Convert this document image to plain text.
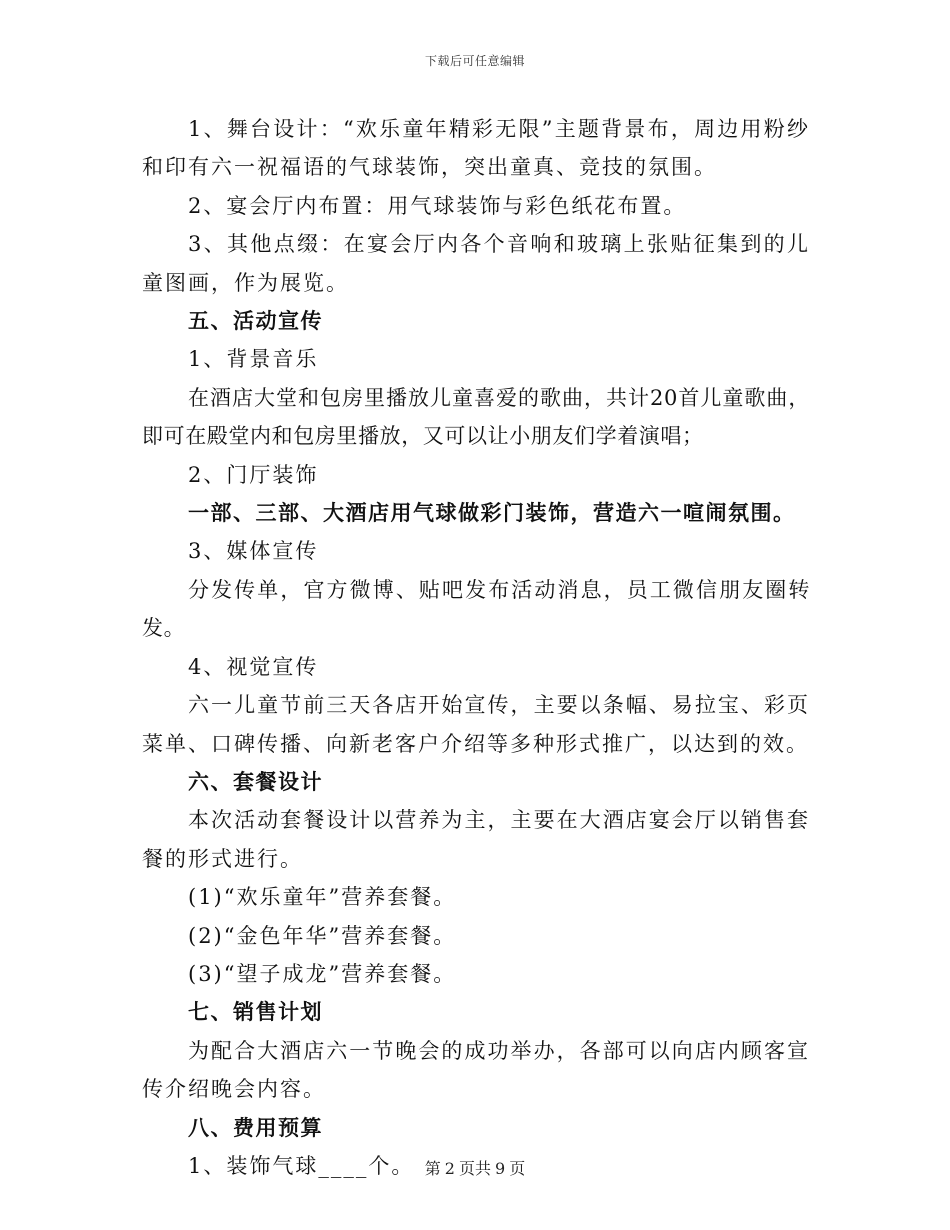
下载后可任意编辑

1、舞台设计：“欢乐童年精彩无限”主题背景布，周边用粉纱和印有六一祝福语的气球装饰，突出童真、竞技的氛围。

2、宴会厅内布置：用气球装饰与彩色纸花布置。

3、其他点缀：在宴会厅内各个音响和玻璃上张贴征集到的儿童图画，作为展览。

五、活动宣传

1、背景音乐

在酒店大堂和包房里播放儿童喜爱的歌曲，共计20首儿童歌曲，即可在殿堂内和包房里播放，又可以让小朋友们学着演唱；

2、门厅装饰

一部、三部、大酒店用气球做彩门装饰，营造六一喧闹氛围。

3、媒体宣传

分发传单，官方微博、贴吧发布活动消息，员工微信朋友圈转发。

4、视觉宣传

六一儿童节前三天各店开始宣传，主要以条幅、易拉宝、彩页菜单、口碑传播、向新老客户介绍等多种形式推广，以达到的效。

六、套餐设计

本次活动套餐设计以营养为主，主要在大酒店宴会厅以销售套餐的形式进行。

(1)“欢乐童年”营养套餐。

(2)“金色年华”营养套餐。

(3)“望子成龙”营养套餐。

七、销售计划

为配合大酒店六一节晚会的成功举办，各部可以向店内顾客宣传介绍晚会内容。

八、费用预算

1、装饰气球____个。 第 2 页共 9 页
